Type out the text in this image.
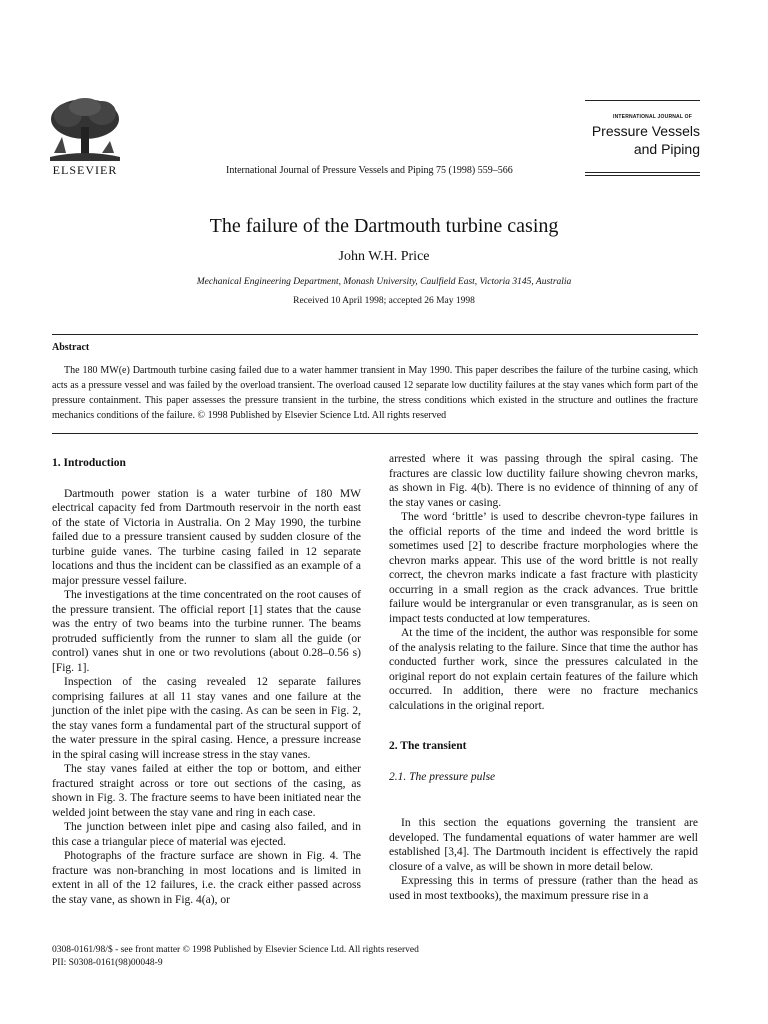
ELSEVIER	International Journal of Pressure Vessels and Piping 75 (1998) 559–566
INTERNATIONAL JOURNAL OF
Pressure Vessels
and Piping
The failure of the Dartmouth turbine casing
John W.H. Price
Mechanical Engineering Department, Monash University, Caulfield East, Victoria 3145, Australia
Received 10 April 1998; accepted 26 May 1998
Abstract
The 180 MW(e) Dartmouth turbine casing failed due to a water hammer transient in May 1990. This paper describes the failure of the turbine casing, which acts as a pressure vessel and was failed by the overload transient. The overload caused 12 separate low ductility failures at the stay vanes which form part of the pressure containment. This paper assesses the pressure transient in the turbine, the stress conditions which existed in the structure and outlines the fracture mechanics conditions of the failure. © 1998 Published by Elsevier Science Ltd. All rights reserved
1. Introduction

Dartmouth power station is a water turbine of 180 MW electrical capacity fed from Dartmouth reservoir in the north east of the state of Victoria in Australia. On 2 May 1990, the turbine failed due to a pressure transient caused by sudden closure of the turbine guide vanes. The turbine casing failed in 12 separate locations and thus the incident can be classified as an example of a major pressure vessel failure.

The investigations at the time concentrated on the root causes of the pressure transient. The official report [1] states that the cause was the entry of two beams into the turbine runner. The beams protruded sufficiently from the runner to slam all the guide (or control) vanes shut in one or two revolutions (about 0.28–0.56 s) [Fig. 1].

Inspection of the casing revealed 12 separate failures comprising failures at all 11 stay vanes and one failure at the junction of the inlet pipe with the casing. As can be seen in Fig. 2, the stay vanes form a fundamental part of the structural support of the water pressure in the spiral casing. Hence, a pressure increase in the spiral casing will increase stress in the stay vanes.

The stay vanes failed at either the top or bottom, and either fractured straight across or tore out sections of the casing, as shown in Fig. 3. The fracture seems to have been initiated near the welded joint between the stay vane and ring in each case.

The junction between inlet pipe and casing also failed, and in this case a triangular piece of material was ejected.

Photographs of the fracture surface are shown in Fig. 4. The fracture was non-branching in most locations and is limited in extent in all of the 12 failures, i.e. the crack either passed across the stay vane, as shown in Fig. 4(a), or

arrested where it was passing through the spiral casing. The fractures are classic low ductility failure showing chevron marks, as shown in Fig. 4(b). There is no evidence of thinning of any of the stay vanes or casing.

The word ‘brittle’ is used to describe chevron-type failures in the official reports of the time and indeed the word brittle is sometimes used [2] to describe fracture morphologies where the chevron marks appear. This use of the word brittle is not really correct, the chevron marks indicate a fast fracture with plasticity occurring in a small region as the crack advances. True brittle failure would be intergranular or even transgranular, as is seen on impact tests conducted at low temperatures.

At the time of the incident, the author was responsible for some of the analysis relating to the failure. Since that time the author has conducted further work, since the pressures calculated in the original report do not explain certain features of the failure which occurred. In addition, there were no fracture mechanics calculations in the original report.

2. The transient
2.1. The pressure pulse

In this section the equations governing the transient are developed. The fundamental equations of water hammer are well established [3,4]. The Dartmouth incident is effectively the rapid closure of a valve, as will be shown in more detail below.

Expressing this in terms of pressure (rather than the head as used in most textbooks), the maximum pressure rise in a

0308-0161/98/$ - see front matter © 1998 Published by Elsevier Science Ltd. All rights reserved
PII: S0308-0161(98)00048-9
